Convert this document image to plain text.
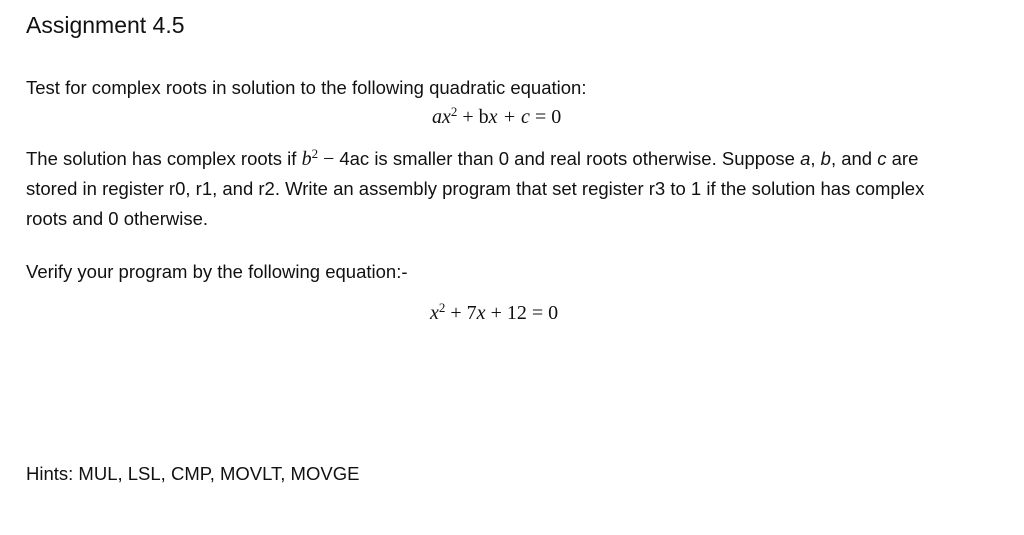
Assignment 4.5
Test for complex roots in solution to the following quadratic equation:
$ax^2$ + bx + c = 0
The solution has complex roots if $b^2 - 4ac$ is smaller than 0 and real roots otherwise. Suppose a, b, and c are
stored in register r0, r1, and r2. Write an assembly program that set register r3 to 1 if the solution has complex
roots and 0 otherwise.
Verify your program by the following equation:-
$x^2 + 7x + 12 = 0$
Hints: MUL, LSL, CMP, MOVLT, MOVGE
